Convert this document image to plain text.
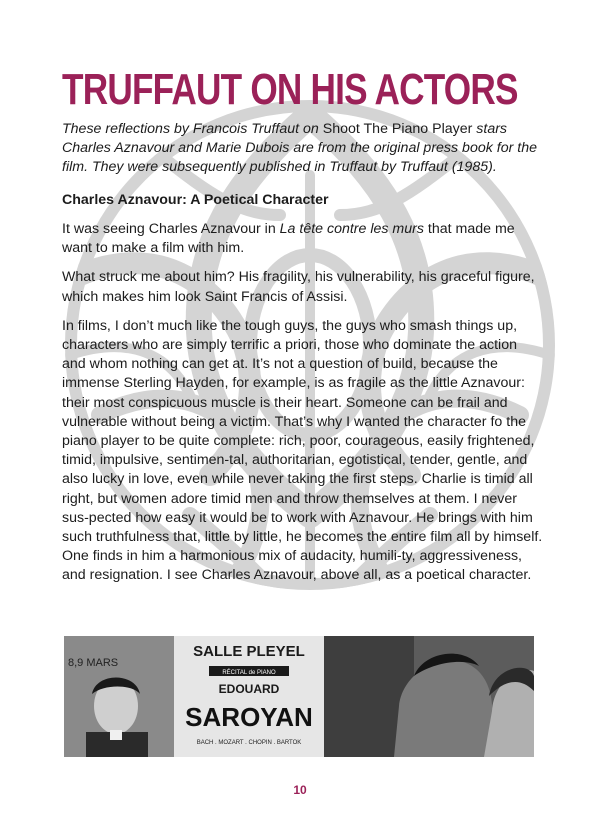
TRUFFAUT ON HIS ACTORS

These reflections by Francois Truffaut on Shoot The Piano Player stars Charles Aznavour and Marie Dubois are from the original press book for the film. They were subsequently published in Truffaut by Truffaut (1985).

Charles Aznavour: A Poetical Character

It was seeing Charles Aznavour in La tête contre les murs that made me want to make a film with him.

What struck me about him? His fragility, his vulnerability, his graceful figure, which makes him look Saint Francis of Assisi.

In films, I don’t much like the tough guys, the guys who smash things up, characters who are simply terrific a priori, those who dominate the action and whom nothing can get at. It’s not a question of build, because the immense Sterling Hayden, for example, is as fragile as the little Aznavour: their most conspicuous muscle is their heart. Someone can be frail and vulnerable without being a victim. That’s why I wanted the character fo the piano player to be quite complete: rich, poor, courageous, easily frightened, timid, impulsive, sentimen-tal, authoritarian, egotistical, tender, gentle, and also lucky in love, even while never taking the first steps. Charlie is timid all right, but women adore timid men and throw themselves at them. I never sus-pected how easy it would be to work with Aznavour. He brings with him such truthfulness that, little by little, he becomes the entire film all by himself. One finds in him a harmonious mix of audacity, humili-ty, aggressiveness, and resignation. I see Charles Aznavour, above all, as a poetical character.

8,9 MARS
SALLE PLEYEL
RÉCITAL de PIANO
EDOUARD
SAROYAN
BACH . MOZART . CHOPIN . BARTOK
10
